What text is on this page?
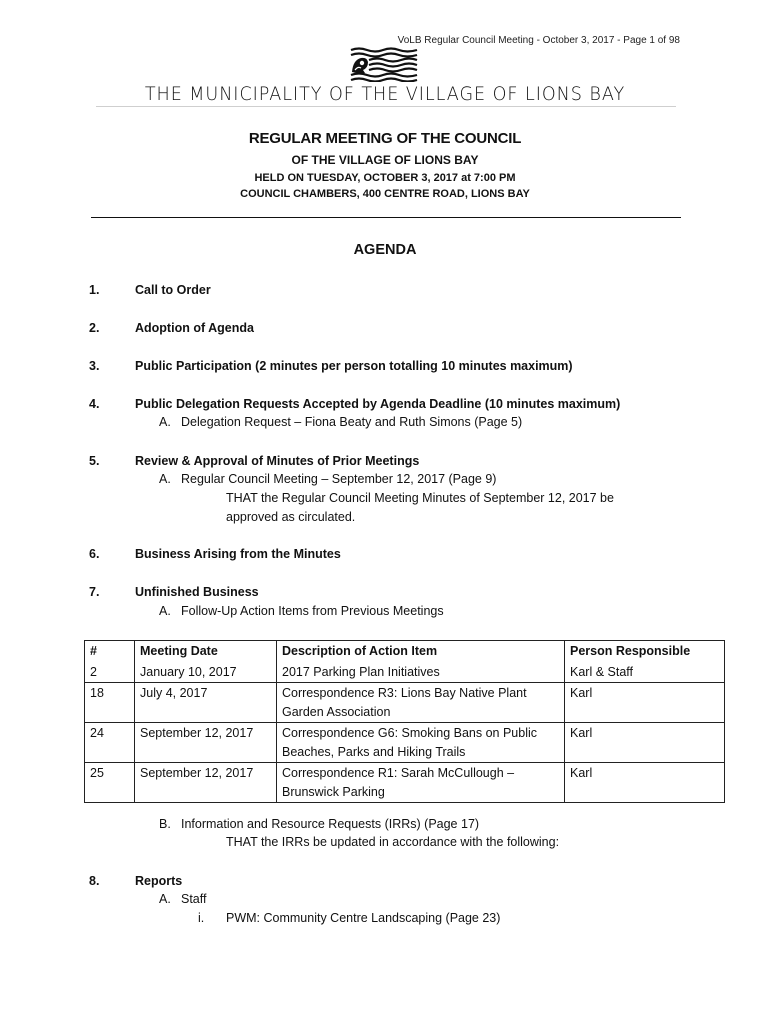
VoLB Regular Council Meeting - October 3, 2017 - Page 1 of 98
THE MUNICIPALITY OF THE VILLAGE OF LIONS BAY
REGULAR MEETING OF THE COUNCIL
OF THE VILLAGE OF LIONS BAY
HELD ON TUESDAY, OCTOBER 3, 2017 at 7:00 PM
COUNCIL CHAMBERS, 400 CENTRE ROAD, LIONS BAY
AGENDA
1.	Call to Order
2.	Adoption of Agenda
3.	Public Participation (2 minutes per person totalling 10 minutes maximum)
4.	Public Delegation Requests Accepted by Agenda Deadline (10 minutes maximum)
A. Delegation Request – Fiona Beaty and Ruth Simons (Page 5)
5.	Review & Approval of Minutes of Prior Meetings
A. Regular Council Meeting – September 12, 2017 (Page 9)
THAT the Regular Council Meeting Minutes of September 12, 2017 be
approved as circulated.
6.	Business Arising from the Minutes
7.	Unfinished Business
A. Follow-Up Action Items from Previous Meetings
#	Meeting Date	Description of Action Item	Person Responsible
2	January 10, 2017	2017 Parking Plan Initiatives	Karl & Staff
18	July 4, 2017	Correspondence R3: Lions Bay Native Plant
Garden Association	Karl
24	September 12, 2017	Correspondence G6: Smoking Bans on Public
Beaches, Parks and Hiking Trails	Karl
25	September 12, 2017	Correspondence R1: Sarah McCullough –
Brunswick Parking	Karl
B. Information and Resource Requests (IRRs) (Page 17)
THAT the IRRs be updated in accordance with the following:
8.	Reports
A. Staff
i. PWM: Community Centre Landscaping (Page 23)
